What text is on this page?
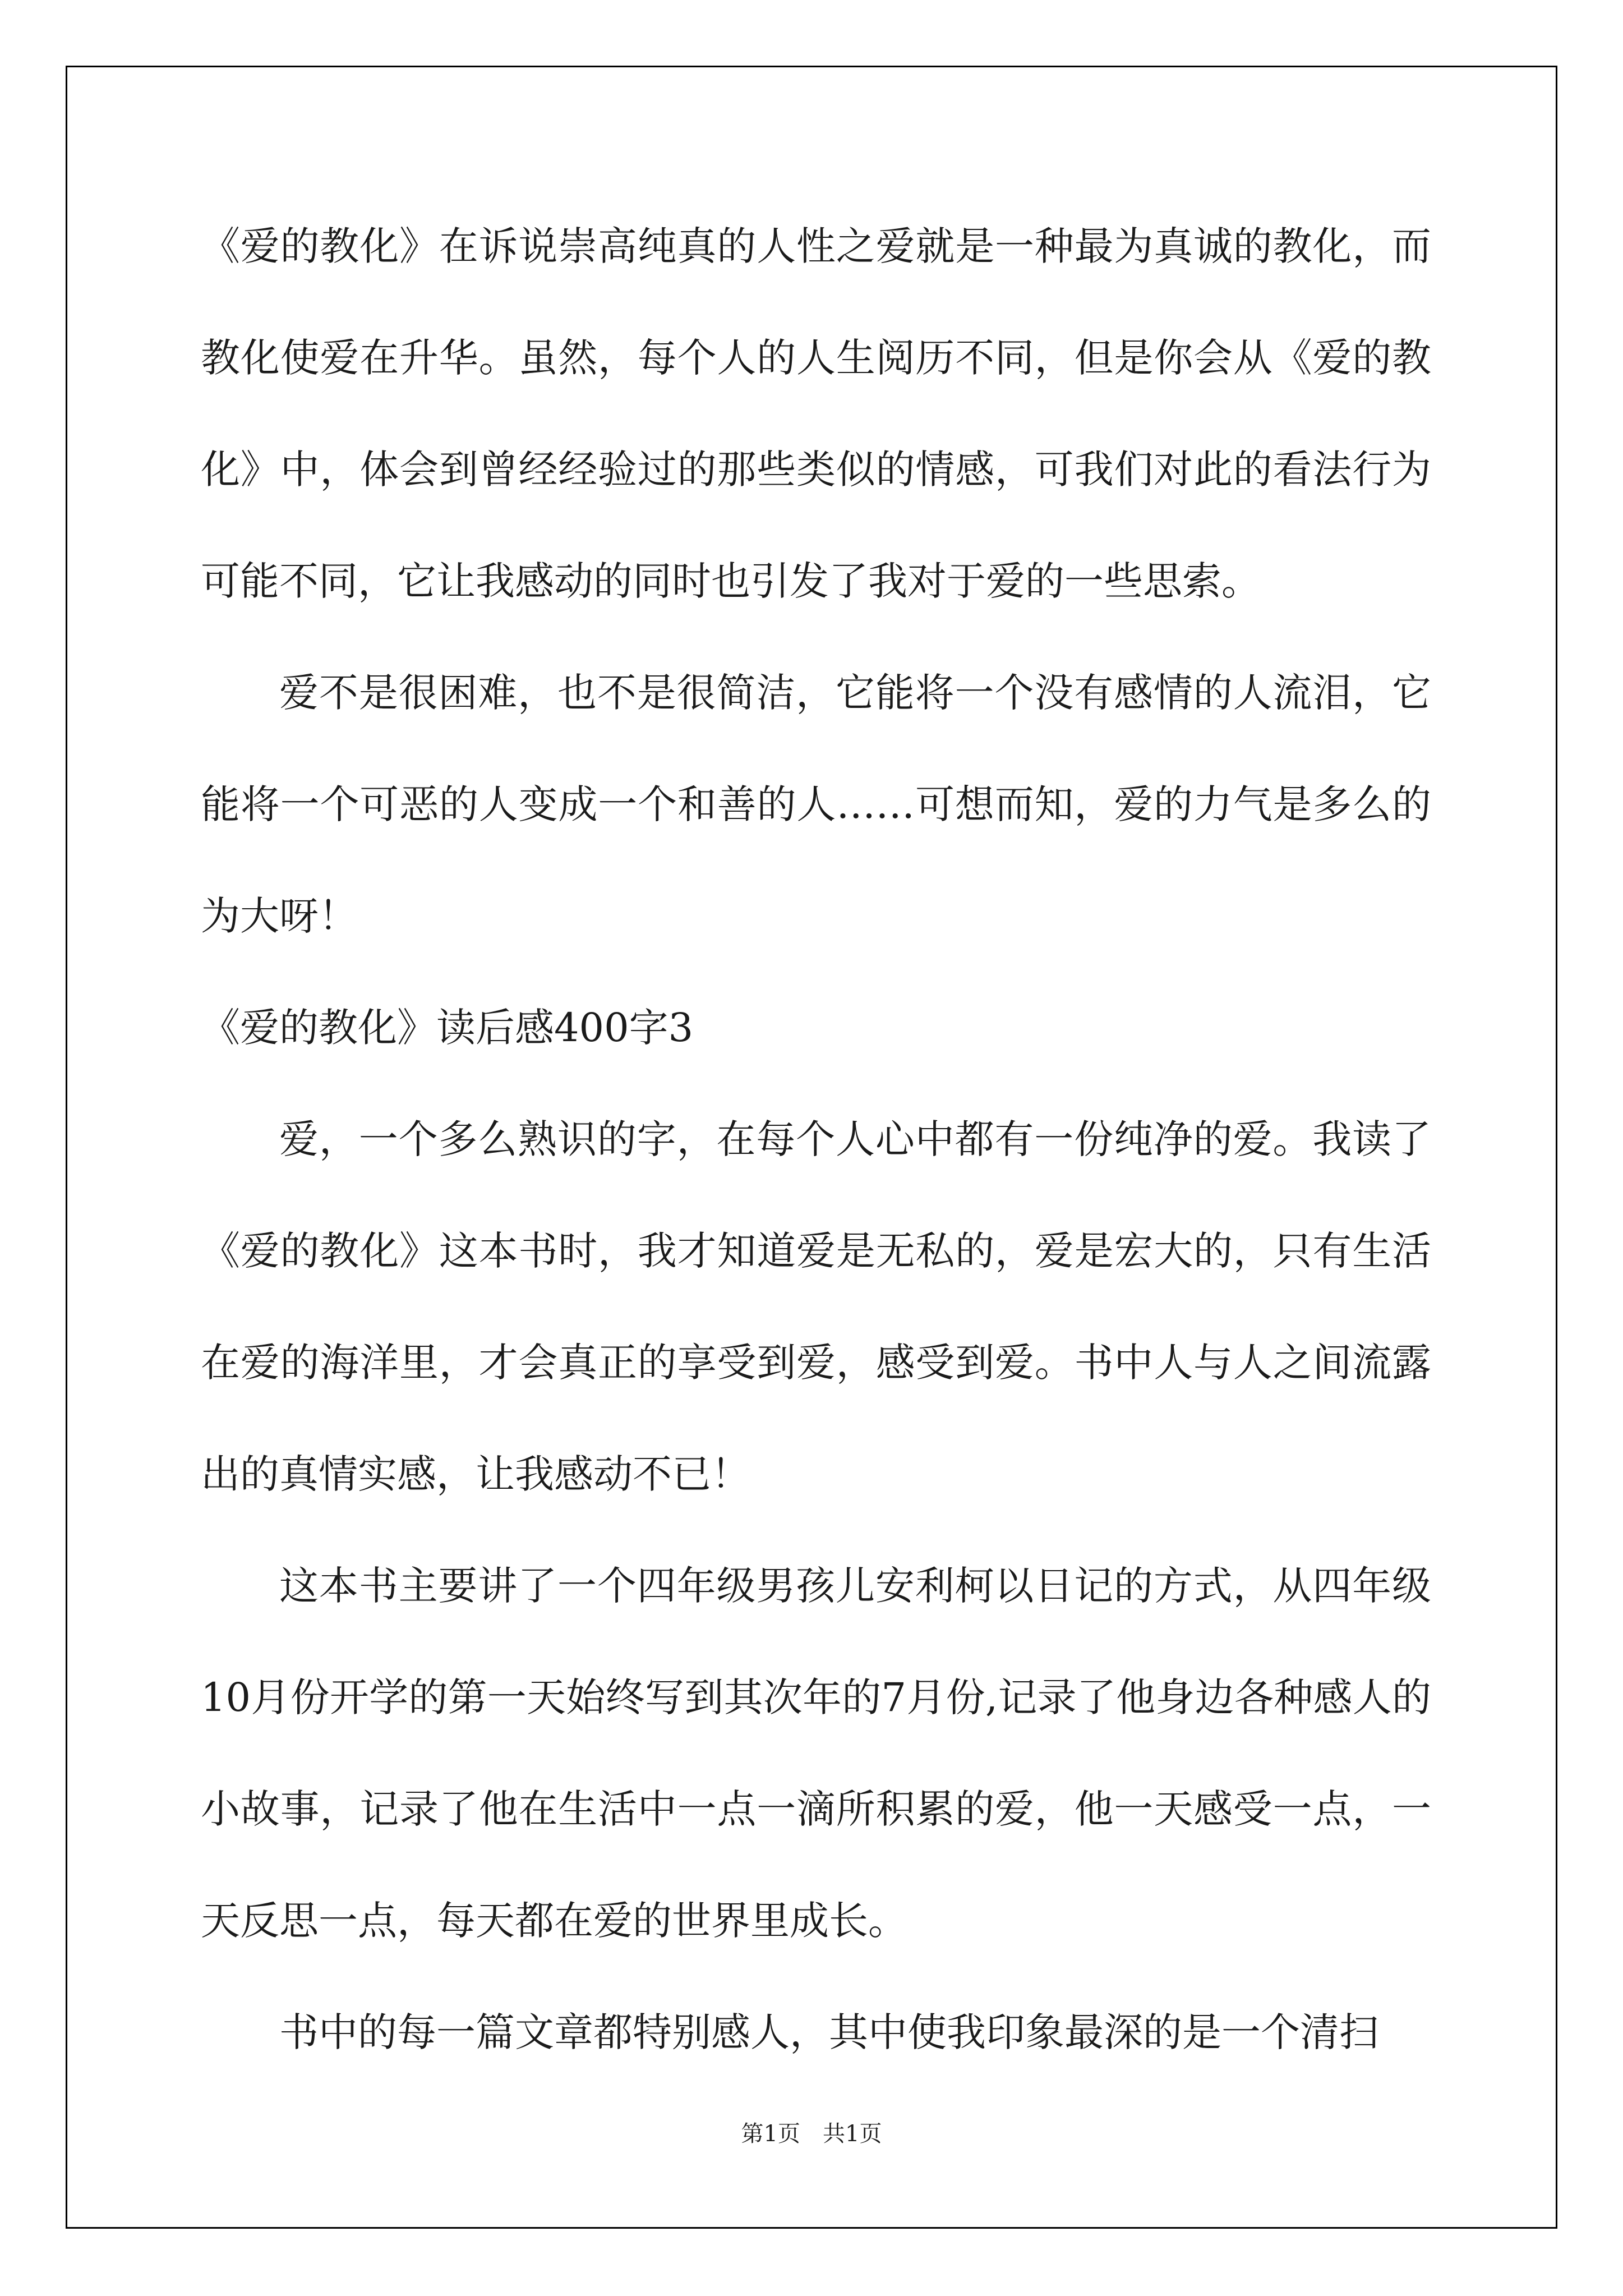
《爱的教化》在诉说崇高纯真的人性之爱就是一种最为真诚的教化，而教化使爱在升华。虽然，每个人的人生阅历不同，但是你会从《爱的教化》中，体会到曾经经验过的那些类似的情感，可我们对此的看法行为可能不同，它让我感动的同时也引发了我对于爱的一些思索。

爱不是很困难，也不是很简洁，它能将一个没有感情的人流泪，它能将一个可恶的人变成一个和善的人……可想而知，爱的力气是多么的为大呀！

《爱的教化》读后感400字3

爱，一个多么熟识的字，在每个人心中都有一份纯净的爱。我读了《爱的教化》这本书时，我才知道爱是无私的，爱是宏大的，只有生活在爱的海洋里，才会真正的享受到爱，感受到爱。书中人与人之间流露出的真情实感，让我感动不已！

这本书主要讲了一个四年级男孩儿安利柯以日记的方式，从四年级10月份开学的第一天始终写到其次年的7月份,记录了他身边各种感人的小故事，记录了他在生活中一点一滴所积累的爱，他一天感受一点，一天反思一点，每天都在爱的世界里成长。

书中的每一篇文章都特别感人，其中使我印象最深的是一个清扫

第1页 共1页
